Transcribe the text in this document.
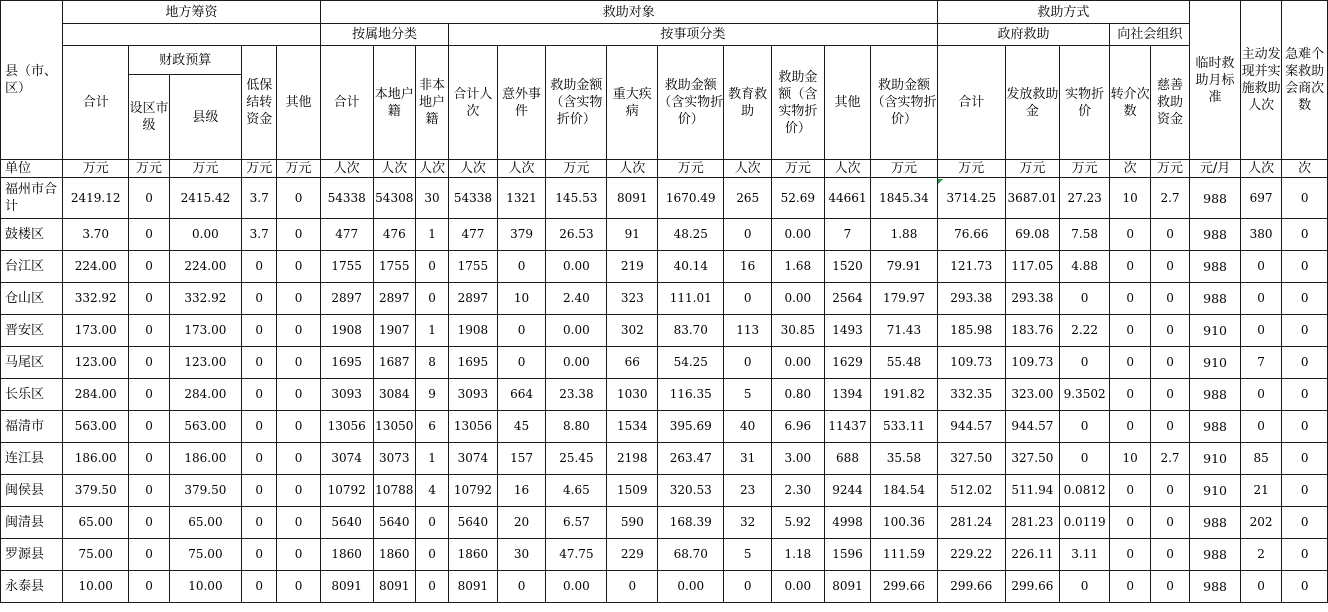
县（市、区）	地方筹资					救助对象												救助方式					临时救助月标准	主动发现并实施救助人次	急难个案救助会商次数
						按属地分类			按事项分类									政府救助			向社会组织				
	合计	财政预算		低保结转资金	其他	合计	本地户籍	非本地户籍	合计人次	意外事件	救助金额（含实物折价）	重大疾病	救助金额（含实物折价）	教育救助	救助金额（含实物折价）	其他	救助金额（含实物折价）	合计	发放救助金	实物折价	转介次数	慈善救助资金			
		设区市级	县级																						
单位	万元	万元	万元	万元	万元	人次	人次	人次	人次	人次	万元	人次	万元	人次	万元	人次	万元	万元	万元	万元	次	万元	元/月	人次	次
福州市合计	2419.12	0	2415.42	3.7	0	54338	54308	30	54338	1321	145.53	8091	1670.49	265	52.69	44661	1845.34	3714.25	3687.01	27.23	10	2.7	988	697	0
鼓楼区	3.70	0	0.00	3.7	0	477	476	1	477	379	26.53	91	48.25	0	0.00	7	1.88	76.66	69.08	7.58	0	0	988	380	0
台江区	224.00	0	224.00	0	0	1755	1755	0	1755	0	0.00	219	40.14	16	1.68	1520	79.91	121.73	117.05	4.88	0	0	988	0	0
仓山区	332.92	0	332.92	0	0	2897	2897	0	2897	10	2.40	323	111.01	0	0.00	2564	179.97	293.38	293.38	0	0	0	988	0	0
晋安区	173.00	0	173.00	0	0	1908	1907	1	1908	0	0.00	302	83.70	113	30.85	1493	71.43	185.98	183.76	2.22	0	0	910	0	0
马尾区	123.00	0	123.00	0	0	1695	1687	8	1695	0	0.00	66	54.25	0	0.00	1629	55.48	109.73	109.73	0	0	0	910	7	0
长乐区	284.00	0	284.00	0	0	3093	3084	9	3093	664	23.38	1030	116.35	5	0.80	1394	191.82	332.35	323.00	9.3502	0	0	988	0	0
福清市	563.00	0	563.00	0	0	13056	13050	6	13056	45	8.80	1534	395.69	40	6.96	11437	533.11	944.57	944.57	0	0	0	988	0	0
连江县	186.00	0	186.00	0	0	3074	3073	1	3074	157	25.45	2198	263.47	31	3.00	688	35.58	327.50	327.50	0	10	2.7	910	85	0
闽侯县	379.50	0	379.50	0	0	10792	10788	4	10792	16	4.65	1509	320.53	23	2.30	9244	184.54	512.02	511.94	0.0812	0	0	910	21	0
闽清县	65.00	0	65.00	0	0	5640	5640	0	5640	20	6.57	590	168.39	32	5.92	4998	100.36	281.24	281.23	0.0119	0	0	988	202	0
罗源县	75.00	0	75.00	0	0	1860	1860	0	1860	30	47.75	229	68.70	5	1.18	1596	111.59	229.22	226.11	3.11	0	0	988	2	0
永泰县	10.00	0	10.00	0	0	8091	8091	0	8091	0	0.00	0	0.00	0	0.00	8091	299.66	299.66	299.66	0	0	0	988	0	0
